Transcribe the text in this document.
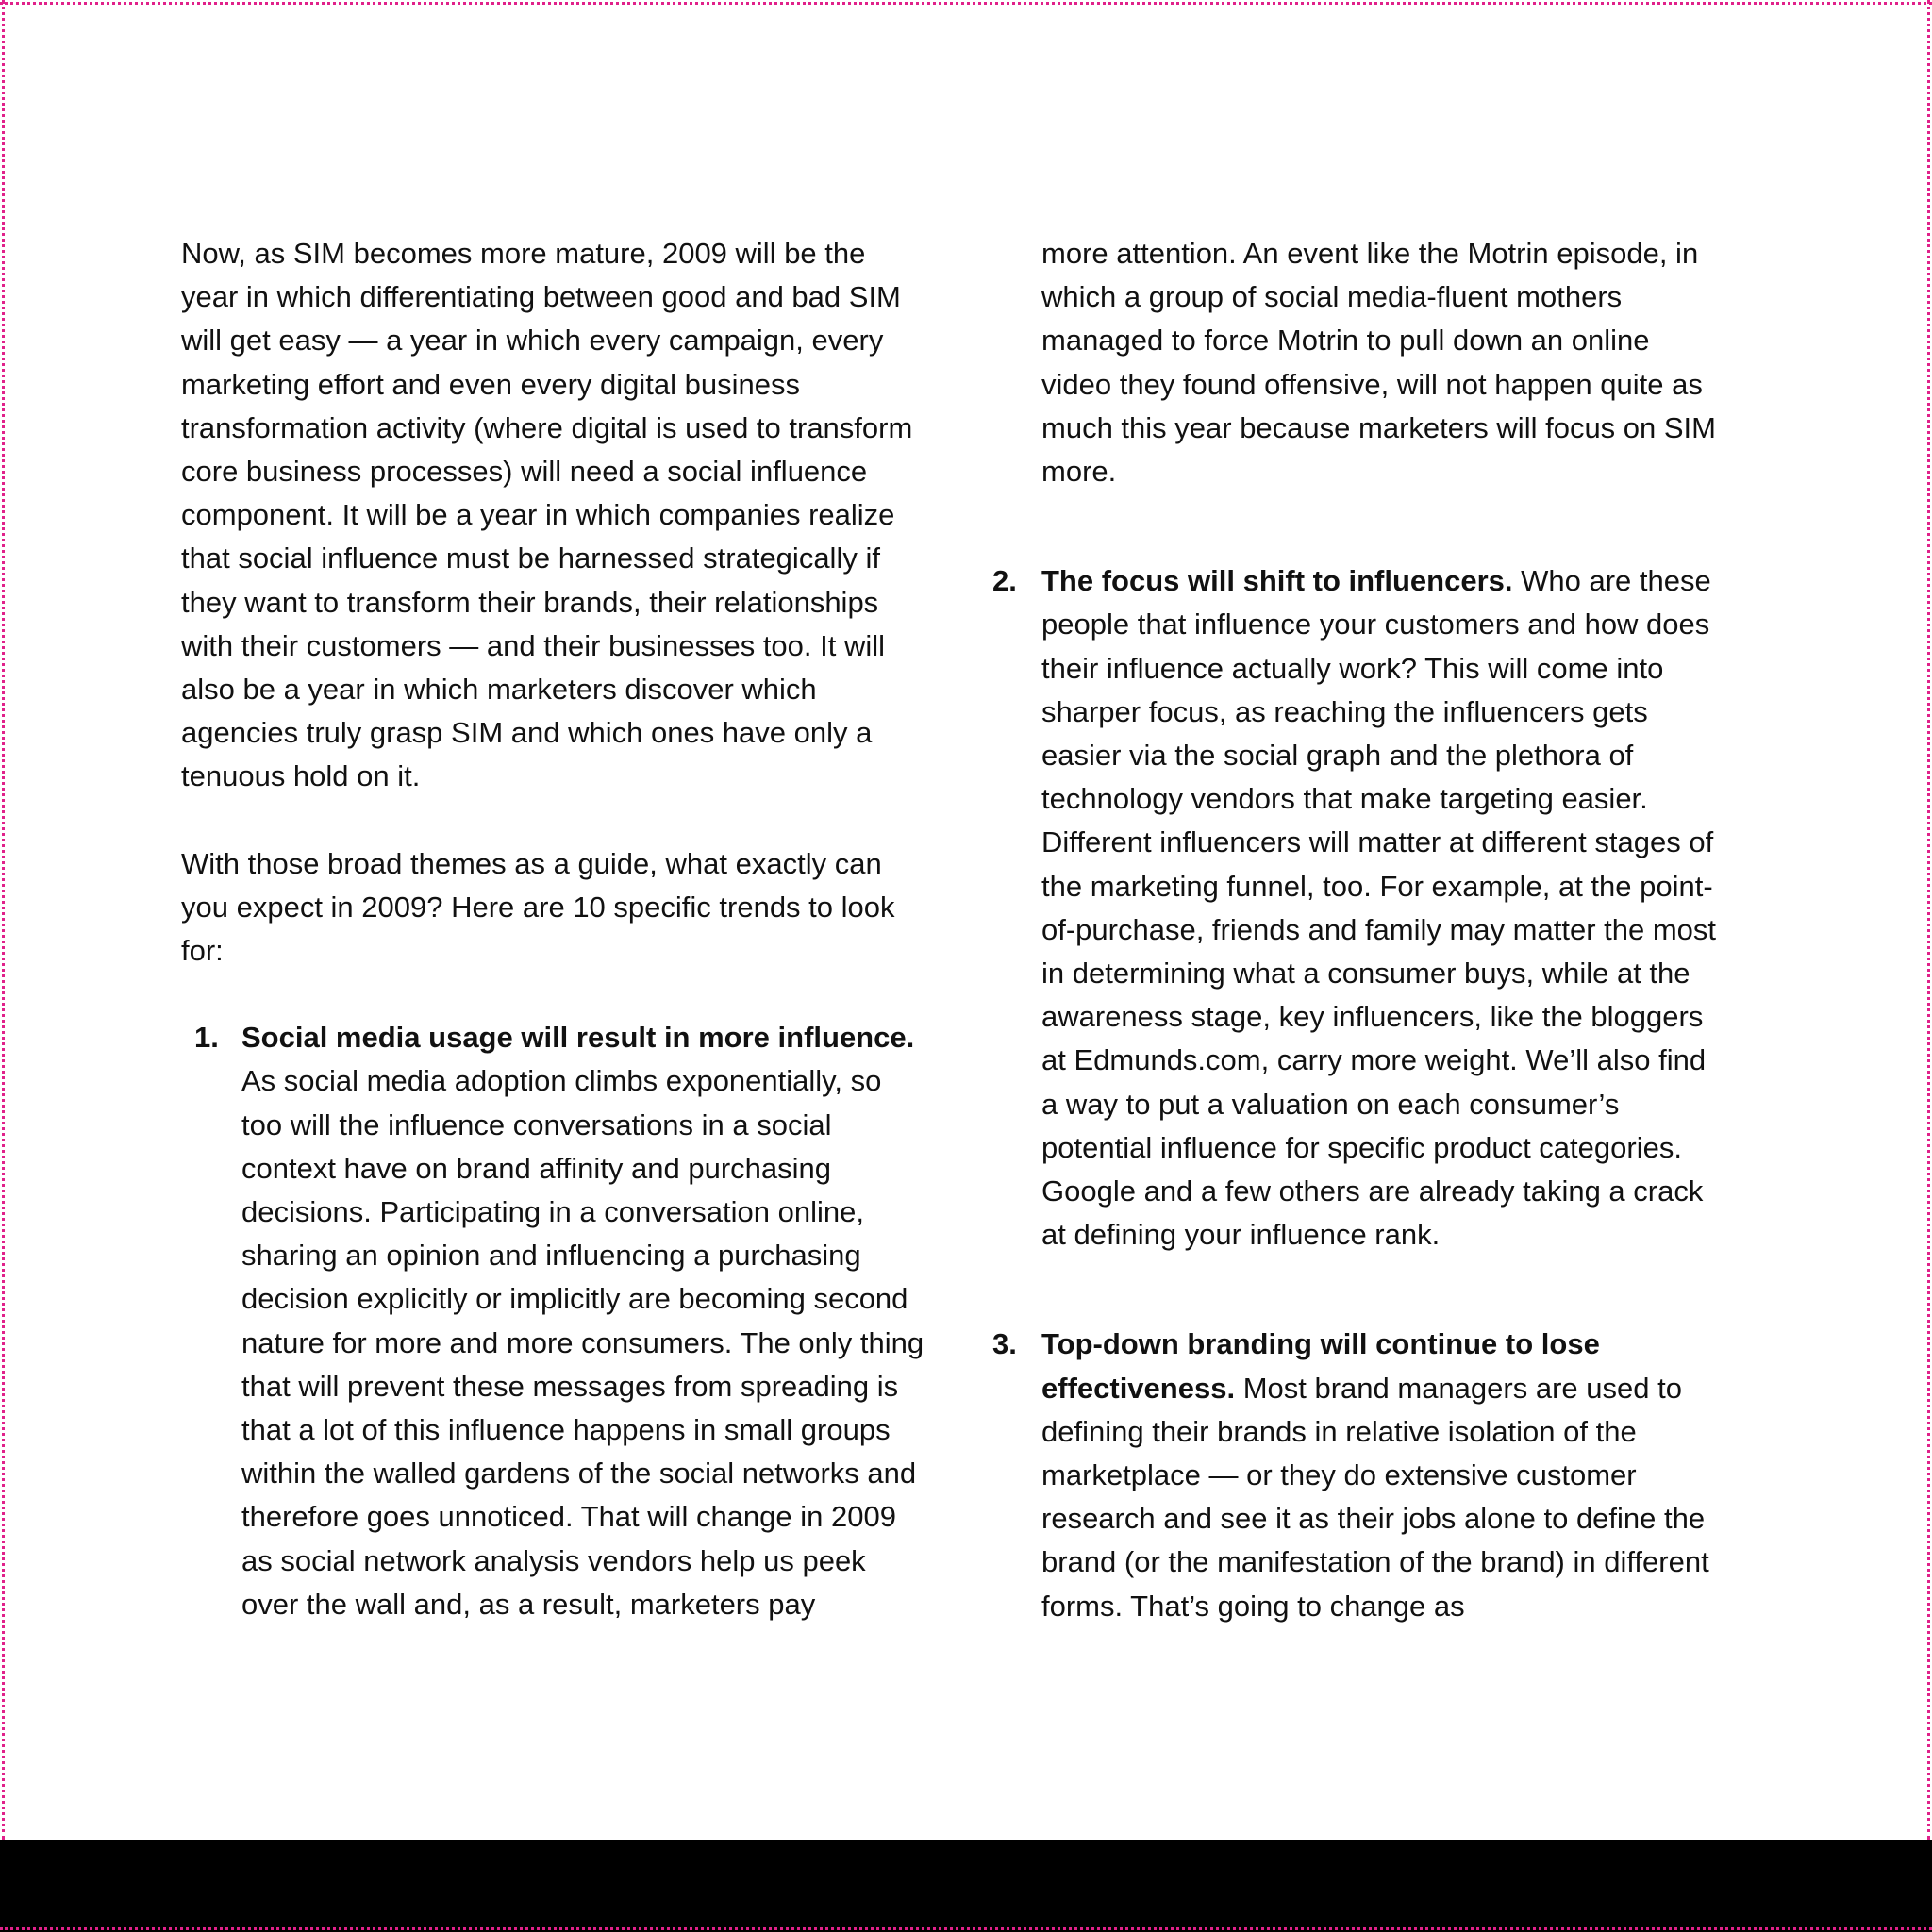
Now, as SIM becomes more mature, 2009 will be the year in which differentiating between good and bad SIM will get easy — a year in which every campaign, every marketing effort and even every digital business transformation activity (where digital is used to transform core business processes) will need a social influence component. It will be a year in which companies realize that social influence must be harnessed strategically if they want to transform their brands, their relationships with their customers — and their businesses too. It will also be a year in which marketers discover which agencies truly grasp SIM and which ones have only a tenuous hold on it.

With those broad themes as a guide, what exactly can you expect in 2009? Here are 10 specific trends to look for:

1. Social media usage will result in more influence. As social media adoption climbs exponentially, so too will the influence conversations in a social context have on brand affinity and purchasing decisions. Participating in a conversation online, sharing an opinion and influencing a purchasing decision explicitly or implicitly are becoming second nature for more and more consumers. The only thing that will prevent these messages from spreading is that a lot of this influence happens in small groups within the walled gardens of the social networks and therefore goes unnoticed. That will change in 2009 as social network analysis vendors help us peek over the wall and, as a result, marketers pay

more attention. An event like the Motrin episode, in which a group of social media-fluent mothers managed to force Motrin to pull down an online video they found offensive, will not happen quite as much this year because marketers will focus on SIM more.

2. The focus will shift to influencers. Who are these people that influence your customers and how does their influence actually work? This will come into sharper focus, as reaching the influencers gets easier via the social graph and the plethora of technology vendors that make targeting easier. Different influencers will matter at different stages of the marketing funnel, too. For example, at the point-of-purchase, friends and family may matter the most in determining what a consumer buys, while at the awareness stage, key influencers, like the bloggers at Edmunds.com, carry more weight. We’ll also find a way to put a valuation on each consumer’s potential influence for specific product categories. Google and a few others are already taking a crack at defining your influence rank.

3. Top-down branding will continue to lose effectiveness. Most brand managers are used to defining their brands in relative isolation of the marketplace — or they do extensive customer research and see it as their jobs alone to define the brand (or the manifestation of the brand) in different forms. That’s going to change as
